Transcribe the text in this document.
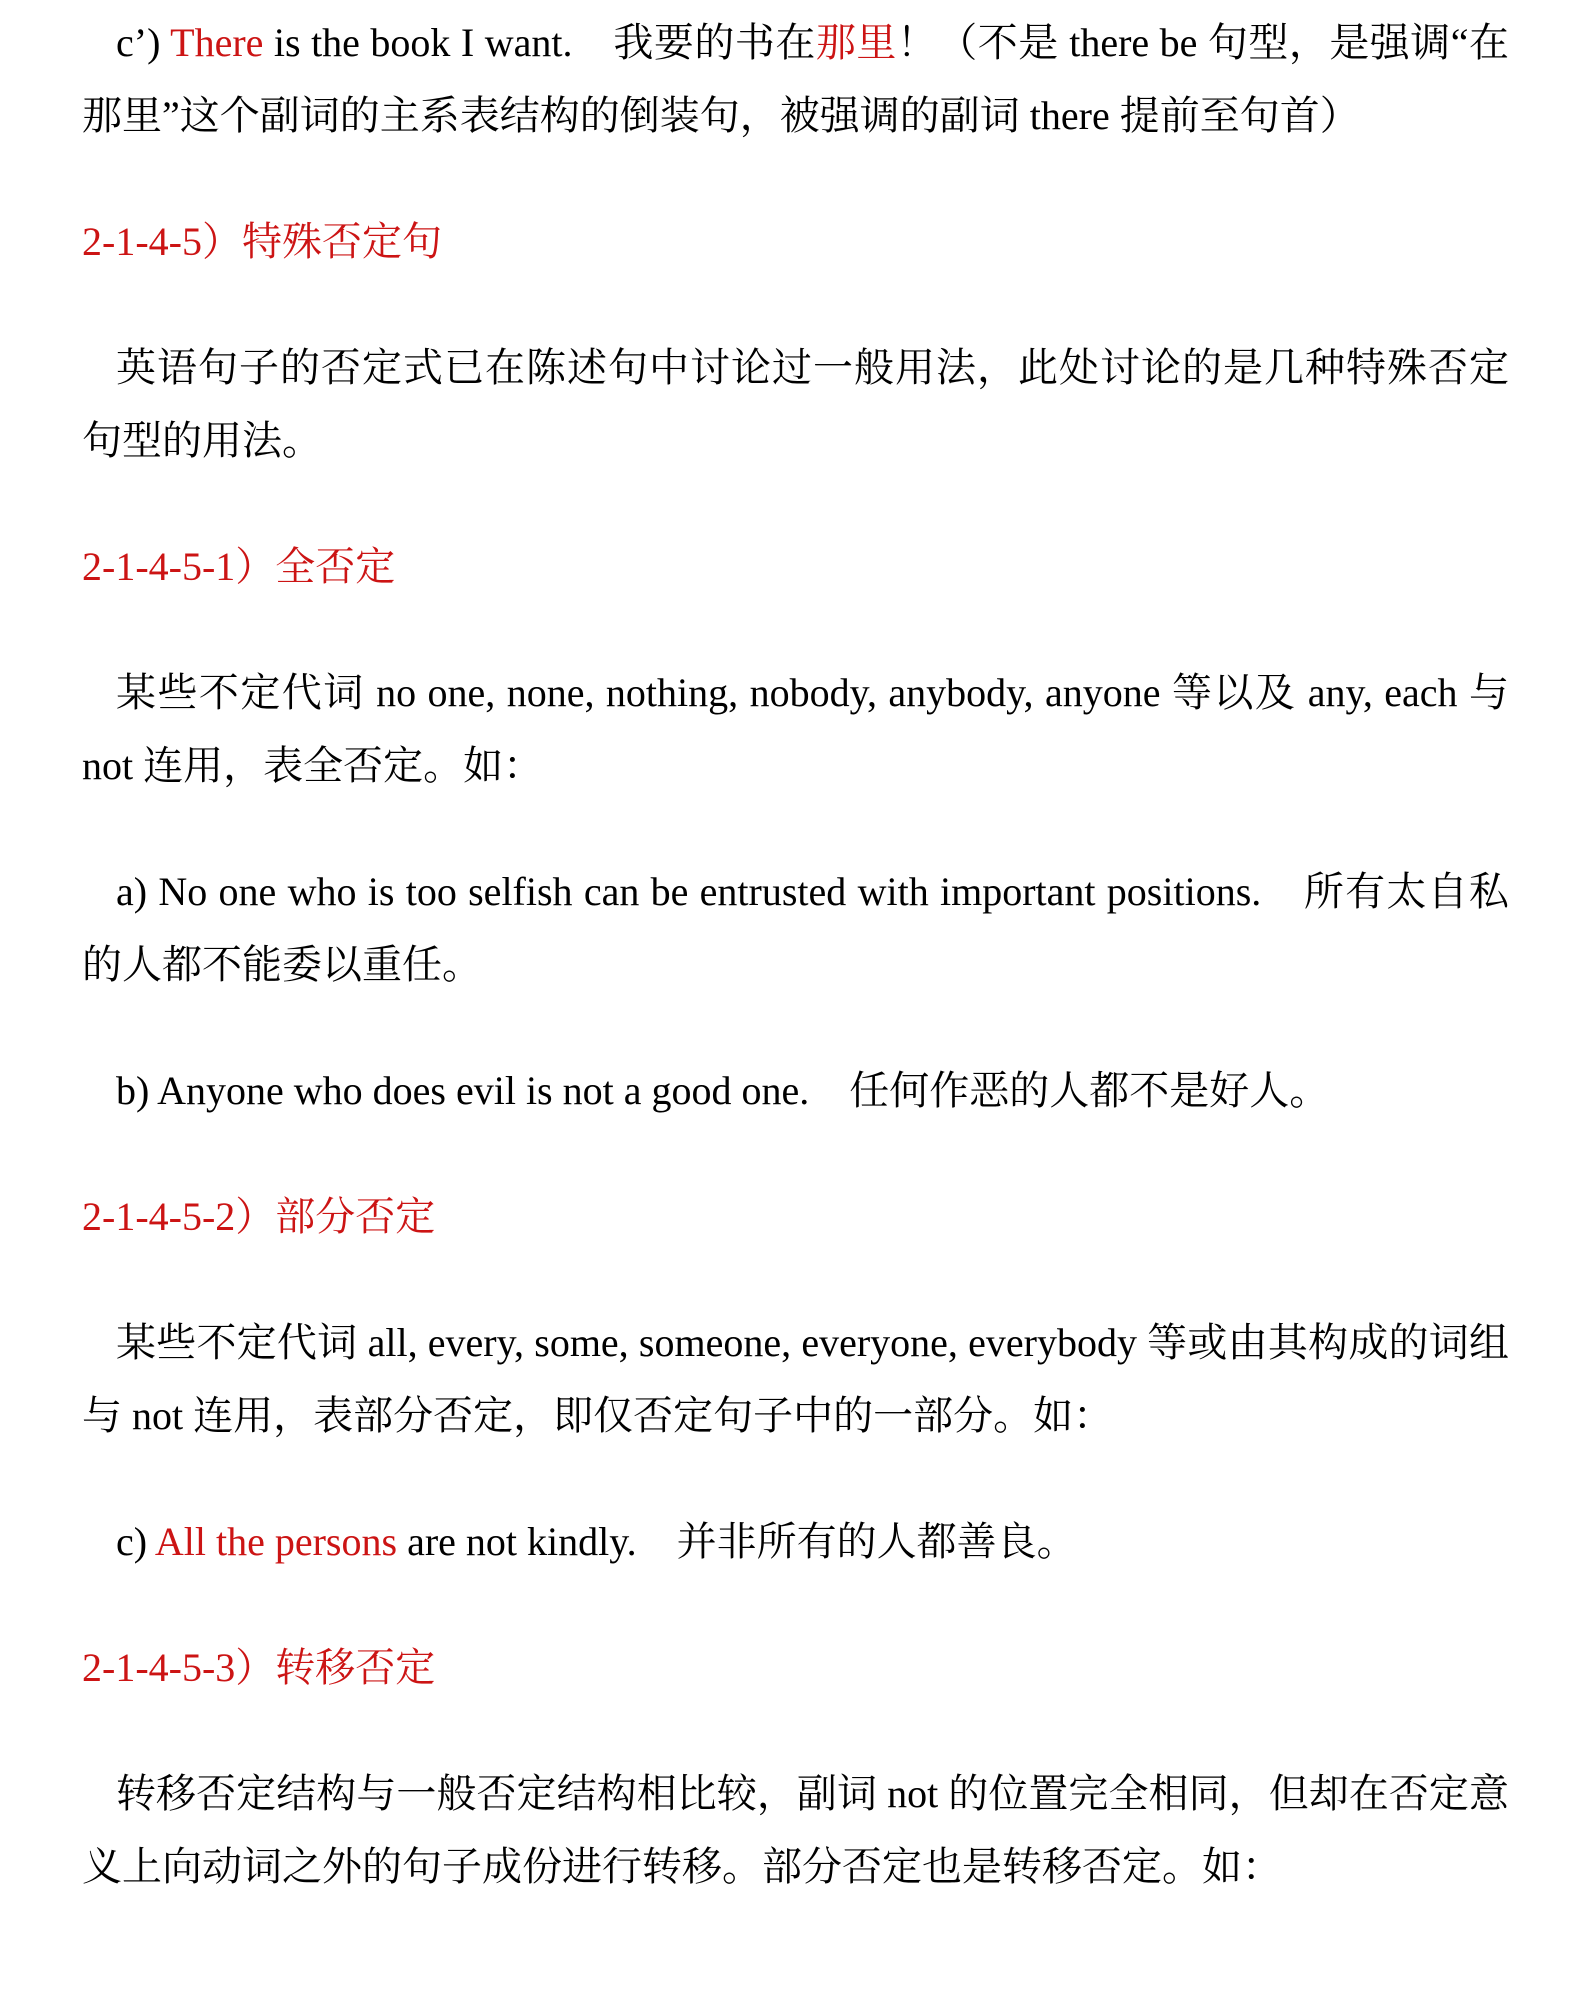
c’) There is the book I want.　我要的书在那里！（不是 there be 句型，是强调“在那里”这个副词的主系表结构的倒装句，被强调的副词 there 提前至句首）

2-1-4-5）特殊否定句

英语句子的否定式已在陈述句中讨论过一般用法，此处讨论的是几种特殊否定句型的用法。

2-1-4-5-1）全否定

某些不定代词 no one, none, nothing, nobody, anybody, anyone 等以及 any, each 与 not 连用，表全否定。如：

a) No one who is too selfish can be entrusted with important positions.　所有太自私的人都不能委以重任。

b) Anyone who does evil is not a good one.　任何作恶的人都不是好人。

2-1-4-5-2）部分否定

某些不定代词 all, every, some, someone, everyone, everybody 等或由其构成的词组与 not 连用，表部分否定，即仅否定句子中的一部分。如：

c) All the persons are not kindly.　并非所有的人都善良。

2-1-4-5-3）转移否定

转移否定结构与一般否定结构相比较，副词 not 的位置完全相同，但却在否定意义上向动词之外的句子成份进行转移。部分否定也是转移否定。如：
